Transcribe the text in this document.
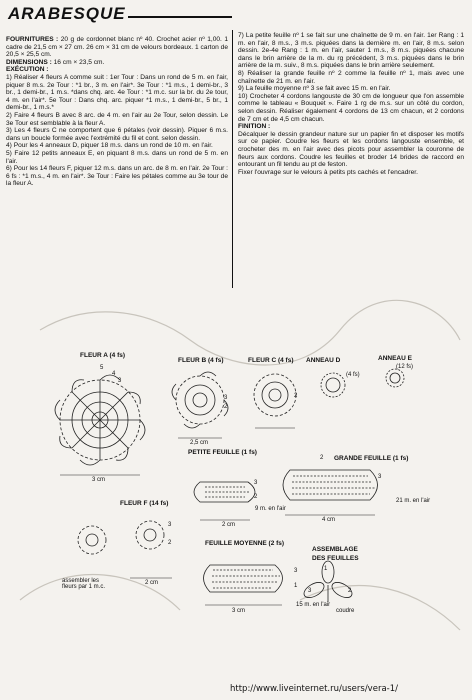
ARABESQUE

FOURNITURES : 20 g de cordonnet blanc nº 40. Crochet acier nº 1,00. 1 cadre de 21,5 cm × 27 cm. 26 cm × 31 cm de velours bordeaux. 1 carton de 20,5 × 25,5 cm.

DIMENSIONS : 16 cm × 23,5 cm.

EXÉCUTION :

1) Réaliser 4 fleurs A comme suit : 1er Tour : Dans un rond de 5 m. en l'air, piquer 8 m.s. 2e Tour : *1 br., 3 m. en l'air*. 3e Tour : *1 m.s., 1 demi-br., 3 br., 1 demi-br., 1 m.s. *dans chq. arc. 4e Tour : *1 m.c. sur la br. du 2e tour, 4 m. en l'air*. 5e Tour : Dans chq. arc. piquer *1 m.s., 1 demi-br., 5 br., 1 demi-br., 1 m.s.*

2) Faire 4 fleurs B avec 8 arc. de 4 m. en l'air au 2e Tour, selon dessin. Le 3e Tour est semblable à la fleur A.

3) Les 4 fleurs C ne comportent que 6 pétales (voir dessin). Piquer 6 m.s. dans un boucle formée avec l'extrémité du fil et cont. selon dessin.

4) Pour les 4 anneaux D, piquer 18 m.s. dans un rond de 10 m. en l'air.

5) Faire 12 petits anneaux E, en piquant 8 m.s. dans un rond de 5 m. en l'air.

6) Pour les 14 fleurs F, piquer 12 m.s. dans un arc. de 8 m. en l'air. 2e Tour : 6 fs : *1 m.s., 4 m. en l'air*. 3e Tour : Faire les pétales comme au 3e tour de la fleur A.

7) La petite feuille nº 1 se fait sur une chaînette de 9 m. en l'air. 1er Rang : 1 m. en l'air, 8 m.s., 3 m.s. piquées dans la dernière m. en l'air, 8 m.s. selon dessin. 2e-4e Rang : 1 m. en l'air, sauter 1 m.s., 8 m.s. piquées chacune dans le brin arrière de la m. du rg précédent, 3 m.s. piquées dans le brin arrière de la m. suiv., 8 m.s. piquées dans le brin arrière seulement.

8) Réaliser la grande feuille nº 2 comme la feuille nº 1, mais avec une chaînette de 21 m. en l'air.

9) La feuille moyenne nº 3 se fait avec 15 m. en l'air.

10) Crocheter 4 cordons langouste de 30 cm de longueur que l'on assemble comme le tableau « Bouquet ». Faire 1 rg de m.s. sur un côté du cordon, selon dessin. Réaliser également 4 cordons de 13 cm chacun, et 2 cordons de 7 cm et de 4,5 cm chacun.

FINITION :

Décalquer le dessin grandeur nature sur un papier fin et disposer les motifs sur ce papier. Coudre les fleurs et les cordons langouste ensemble, et crocheter des m. en l'air avec des picots pour assembler la couronne de fleurs aux cordons. Coudre les feuilles et broder 14 brides de raccord en entourant un fil tendu au pt de feston.

Fixer l'ouvrage sur le velours à petits pts cachés et l'encadrer.

FLEUR A (4 fs)
FLEUR B (4 fs)	FLEUR C (4 fs) ANNEAU D
(4 fs)
ANNEAU E
(12 fs)
5
4
3
3
2
2
3 cm
2,5 cm
PETITE FEUILLE (1 fs)
GRANDE FEUILLE (1 fs)
2
3
2
3
9 m. en l'air
21 m. en l'air
2 cm
4 cm
FLEUR F (14 fs)
3
2
2 cm
assembler les fleurs par 1 m.c.
FEUILLE MOYENNE (2 fs)
3
1
3 cm
15 m. en l'air
ASSEMBLAGE
DES FEUILLES
1
3	2
coudre
http://www.liveinternet.ru/users/vera-1/
